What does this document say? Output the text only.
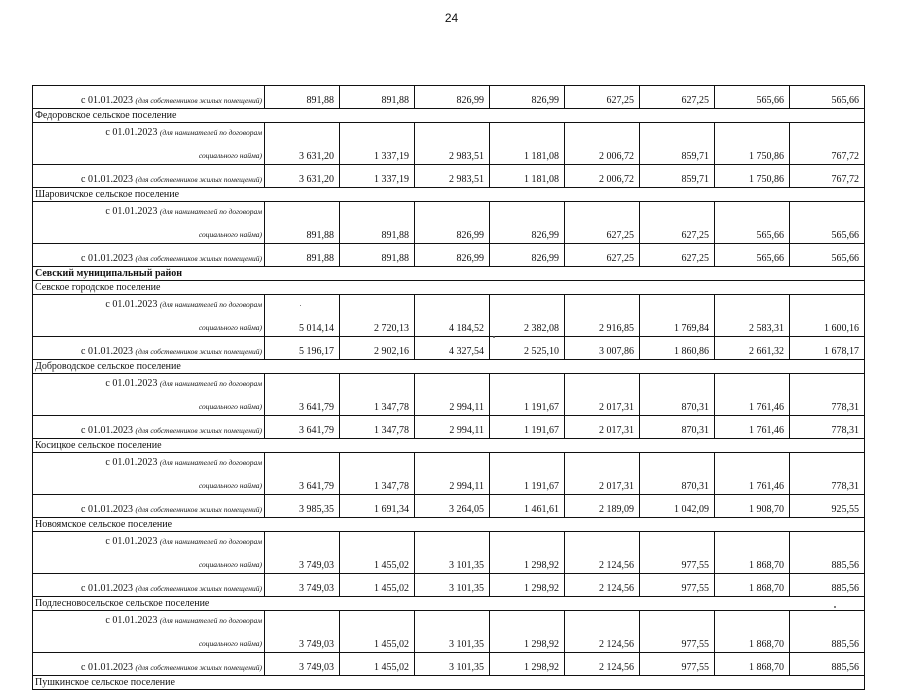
24
с 01.01.2023 (для собственников жилых помещений)	891,88	891,88	826,99	826,99	627,25	627,25	565,66	565,66
Федоровское сельское поселение								

с 01.01.2023 (для нанимателей по договорам
социального найма)	3 631,20	1 337,19	2 983,51	1 181,08	2 006,72	859,71	1 750,86	767,72
с 01.01.2023 (для собственников жилых помещений)	3 631,20	1 337,19	2 983,51	1 181,08	2 006,72	859,71	1 750,86	767,72
Шаровичское сельское поселение								

с 01.01.2023 (для нанимателей по договорам
социального найма)	891,88	891,88	826,99	826,99	627,25	627,25	565,66	565,66
с 01.01.2023 (для собственников жилых помещений)	891,88	891,88	826,99	826,99	627,25	627,25	565,66	565,66
Севский муниципальный район								
Севское городское поселение								

с 01.01.2023 (для нанимателей по договорам
социального найма)	5 014,14	2 720,13	4 184,52	2 382,08	2 916,85	1 769,84	2 583,31	1 600,16
с 01.01.2023 (для собственников жилых помещений)	5 196,17	2 902,16	4 327,54	2 525,10	3 007,86	1 860,86	2 661,32	1 678,17
Доброводское сельское поселение								

с 01.01.2023 (для нанимателей по договорам
социального найма)	3 641,79	1 347,78	2 994,11	1 191,67	2 017,31	870,31	1 761,46	778,31
с 01.01.2023 (для собственников жилых помещений)	3 641,79	1 347,78	2 994,11	1 191,67	2 017,31	870,31	1 761,46	778,31
Косицкое сельское поселение								

с 01.01.2023 (для нанимателей по договорам
социального найма)	3 641,79	1 347,78	2 994,11	1 191,67	2 017,31	870,31	1 761,46	778,31
с 01.01.2023 (для собственников жилых помещений)	3 985,35	1 691,34	3 264,05	1 461,61	2 189,09	1 042,09	1 908,70	925,55
Новоямское сельское поселение								

с 01.01.2023 (для нанимателей по договорам
социального найма)	3 749,03	1 455,02	3 101,35	1 298,92	2 124,56	977,55	1 868,70	885,56
с 01.01.2023 (для собственников жилых помещений)	3 749,03	1 455,02	3 101,35	1 298,92	2 124,56	977,55	1 868,70	885,56
Подлесновосельское сельское поселение								

с 01.01.2023 (для нанимателей по договорам
социального найма)	3 749,03	1 455,02	3 101,35	1 298,92	2 124,56	977,55	1 868,70	885,56
с 01.01.2023 (для собственников жилых помещений)	3 749,03	1 455,02	3 101,35	1 298,92	2 124,56	977,55	1 868,70	885,56
Пушкинское сельское поселение								
